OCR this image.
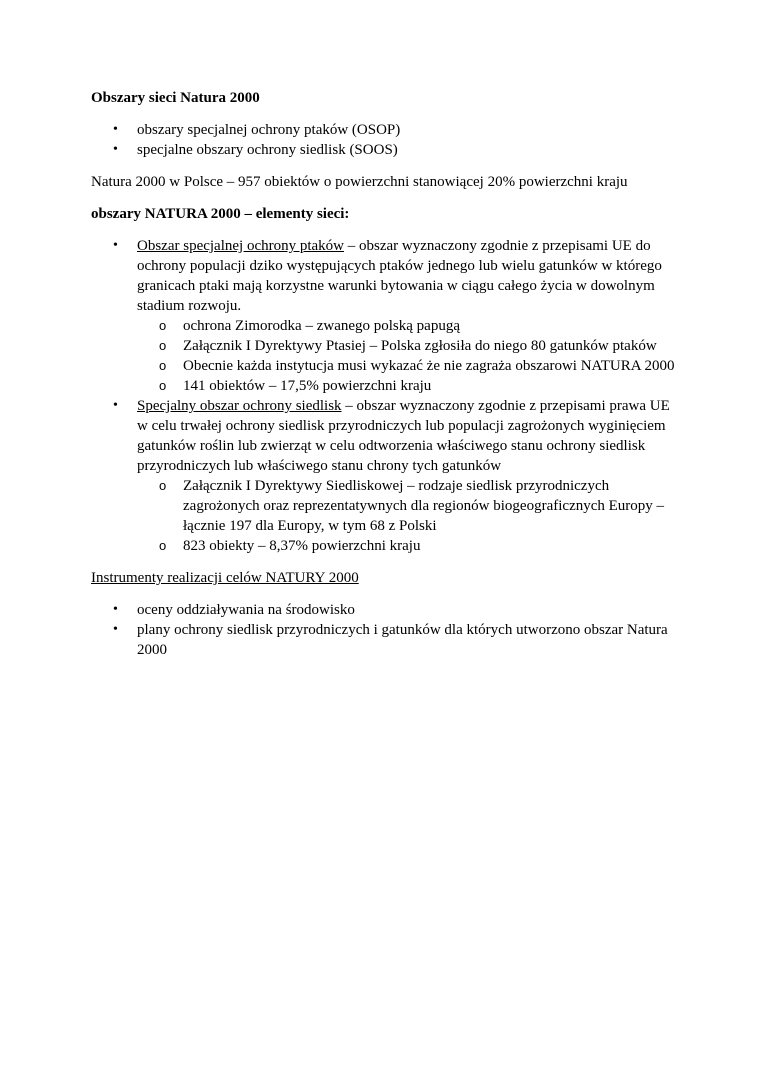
Obszary sieci Natura 2000
•	obszary specjalnej ochrony ptaków (OSOP)
•	specjalne obszary ochrony siedlisk (SOOS)
Natura 2000 w Polsce – 957 obiektów o powierzchni stanowiącej 20% powierzchni kraju
obszary NATURA 2000 – elementy sieci:
•	Obszar specjalnej ochrony ptaków – obszar wyznaczony zgodnie z przepisami UE do ochrony populacji dziko występujących ptaków jednego lub wielu gatunków w którego granicach ptaki mają korzystne warunki bytowania w ciągu całego życia w dowolnym stadium rozwoju.
o ochrona Zimorodka – zwanego polską papugą
o Załącznik I Dyrektywy Ptasiej – Polska zgłosiła do niego 80 gatunków ptaków
o Obecnie każda instytucja musi wykazać że nie zagraża obszarowi NATURA 2000
o 141 obiektów – 17,5% powierzchni kraju
•	Specjalny obszar ochrony siedlisk – obszar wyznaczony zgodnie z przepisami prawa UE w celu trwałej ochrony siedlisk przyrodniczych lub populacji zagrożonych wyginięciem gatunków roślin lub zwierząt w celu odtworzenia właściwego stanu ochrony siedlisk przyrodniczych lub właściwego stanu chrony tych gatunków
o Załącznik I Dyrektywy Siedliskowej – rodzaje siedlisk przyrodniczych zagrożonych oraz reprezentatywnych dla regionów biogeograficznych Europy – łącznie 197 dla Europy, w tym 68 z Polski
o 823 obiekty – 8,37% powierzchni kraju
Instrumenty realizacji celów NATURY 2000
•	oceny oddziaływania na środowisko
•	plany ochrony siedlisk przyrodniczych i gatunków dla których utworzono obszar Natura 2000
